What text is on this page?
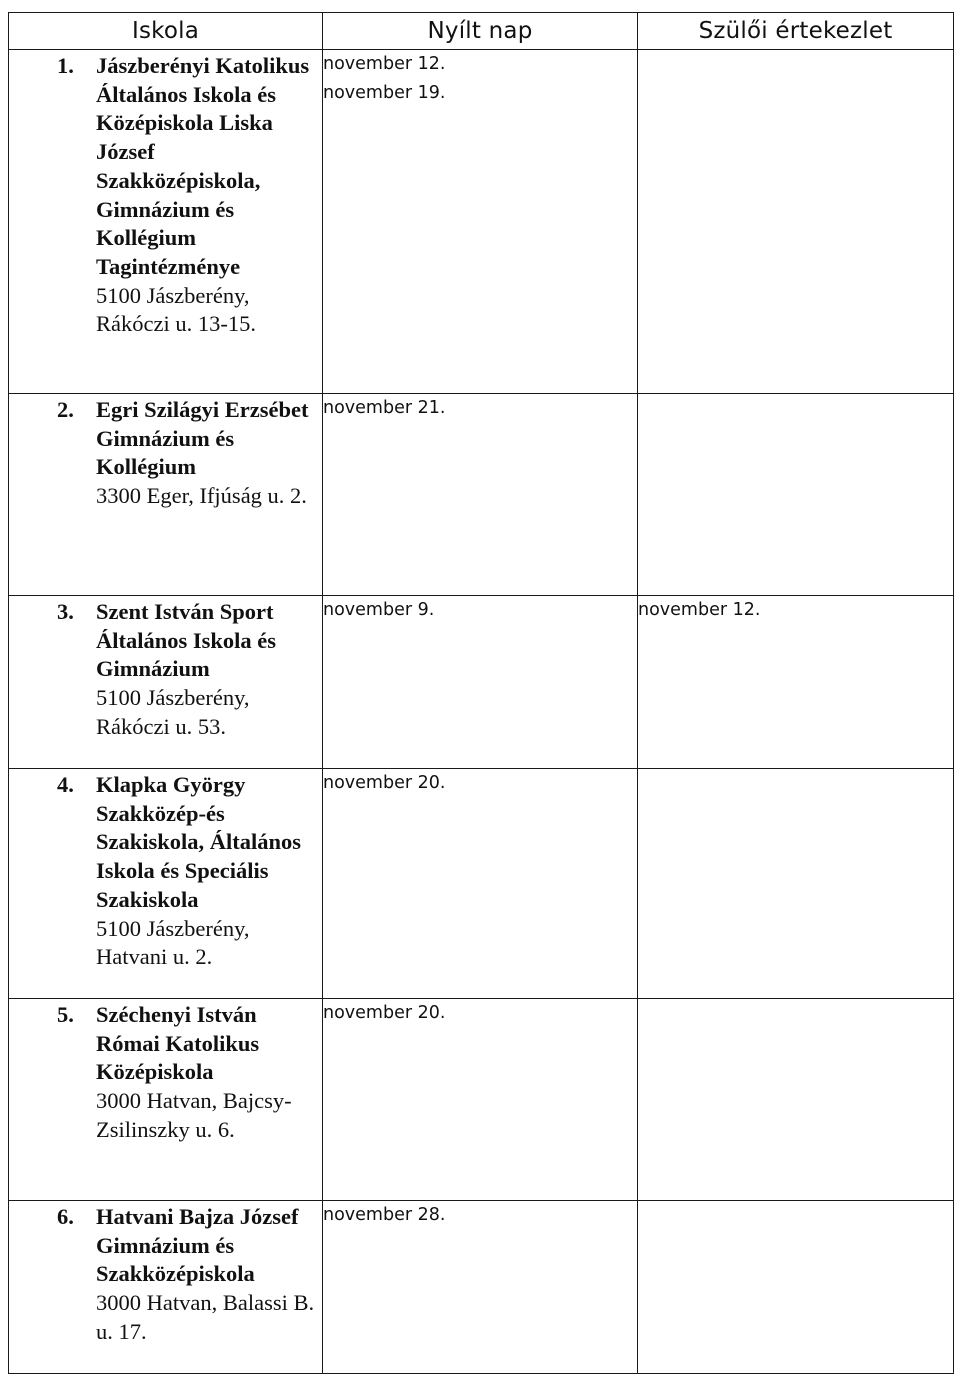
Iskola	Nyílt nap	Szülői értekezlet

1. Jászberényi Katolikus Általános Iskola és Középiskola Liska József Szakközépiskola, Gimnázium és Kollégium Tagintézménye
5100 Jászberény, Rákóczi u. 13-15.	november 12.
november 19.	

2. Egri Szilágyi Erzsébet Gimnázium és Kollégium
3300 Eger, Ifjúság u. 2.	november 21.	

3. Szent István Sport Általános Iskola és Gimnázium
5100 Jászberény, Rákóczi u. 53.	november 9.	november 12.

4. Klapka György Szakközép-és Szakiskola, Általános Iskola és Speciális Szakiskola
5100 Jászberény, Hatvani u. 2.	november 20.	

5. Széchenyi István Római Katolikus Középiskola
3000 Hatvan, Bajcsy-Zsilinszky u. 6.	november 20.	

6. Hatvani Bajza József Gimnázium és Szakközépiskola
3000 Hatvan, Balassi B. u. 17.	november 28.	
